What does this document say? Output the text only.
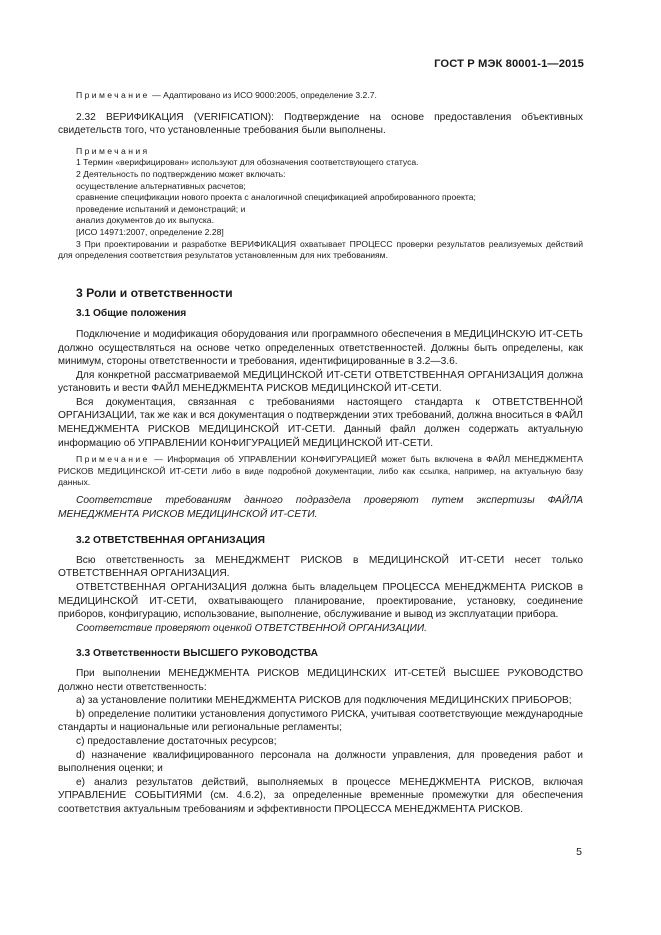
ГОСТ Р МЭК 80001-1—2015

Примечание — Адаптировано из ИСО 9000:2005, определение 3.2.7.

2.32 ВЕРИФИКАЦИЯ (VERIFICATION): Подтверждение на основе предоставления объективных свидетельств того, что установленные требования были выполнены.

Примечания

1 Термин «верифицирован» используют для обозначения соответствующего статуса.

2 Деятельность по подтверждению может включать:

осуществление альтернативных расчетов;

сравнение спецификации нового проекта с аналогичной спецификацией апробированного проекта;

проведение испытаний и демонстраций; и

анализ документов до их выпуска.

[ИСО 14971:2007, определение 2.28]

3 При проектировании и разработке ВЕРИФИКАЦИЯ охватывает ПРОЦЕСС проверки результатов реализуемых действий для определения соответствия результатов установленным для них требованиям.

3 Роли и ответственности

3.1 Общие положения

Подключение и модификация оборудования или программного обеспечения в МЕДИЦИНСКУЮ ИТ-СЕТЬ должно осуществляться на основе четко определенных ответственностей. Должны быть определены, как минимум, стороны ответственности и требования, идентифицированные в 3.2—3.6.

Для конкретной рассматриваемой МЕДИЦИНСКОЙ ИТ-СЕТИ ОТВЕТСТВЕННАЯ ОРГАНИЗАЦИЯ должна установить и вести ФАЙЛ МЕНЕДЖМЕНТА РИСКОВ МЕДИЦИНСКОЙ ИТ-СЕТИ.

Вся документация, связанная с требованиями настоящего стандарта к ОТВЕТСТВЕННОЙ ОРГАНИЗАЦИИ, так же как и вся документация о подтверждении этих требований, должна вноситься в ФАЙЛ МЕНЕДЖМЕНТА РИСКОВ МЕДИЦИНСКОЙ ИТ-СЕТИ. Данный файл должен содержать актуальную информацию об УПРАВЛЕНИИ КОНФИГУРАЦИЕЙ МЕДИЦИНСКОЙ ИТ-СЕТИ.

Примечание — Информация об УПРАВЛЕНИИ КОНФИГУРАЦИЕЙ может быть включена в ФАЙЛ МЕНЕДЖМЕНТА РИСКОВ МЕДИЦИНСКОЙ ИТ-СЕТИ либо в виде подробной документации, либо как ссылка, например, на актуальную базу данных.

Соответствие требованиям данного подраздела проверяют путем экспертизы ФАЙЛА МЕНЕДЖМЕНТА РИСКОВ МЕДИЦИНСКОЙ ИТ-СЕТИ.

3.2 ОТВЕТСТВЕННАЯ ОРГАНИЗАЦИЯ

Всю ответственность за МЕНЕДЖМЕНТ РИСКОВ в МЕДИЦИНСКОЙ ИТ-СЕТИ несет только ОТВЕТСТВЕННАЯ ОРГАНИЗАЦИЯ.

ОТВЕТСТВЕННАЯ ОРГАНИЗАЦИЯ должна быть владельцем ПРОЦЕССА МЕНЕДЖМЕНТА РИСКОВ в МЕДИЦИНСКОЙ ИТ-СЕТИ, охватывающего планирование, проектирование, установку, соединение приборов, конфигурацию, использование, выполнение, обслуживание и вывод из эксплуатации прибора.

Соответствие проверяют оценкой ОТВЕТСТВЕННОЙ ОРГАНИЗАЦИИ.

3.3 Ответственности ВЫСШЕГО РУКОВОДСТВА

При выполнении МЕНЕДЖМЕНТА РИСКОВ МЕДИЦИНСКИХ ИТ-СЕТЕЙ ВЫСШЕЕ РУКОВОДСТВО должно нести ответственность:

a) за установление политики МЕНЕДЖМЕНТА РИСКОВ для подключения МЕДИЦИНСКИХ ПРИБОРОВ;

b) определение политики установления допустимого РИСКА, учитывая соответствующие международные стандарты и национальные или региональные регламенты;

c) предоставление достаточных ресурсов;

d) назначение квалифицированного персонала на должности управления, для проведения работ и выполнения оценки; и

e) анализ результатов действий, выполняемых в процессе МЕНЕДЖМЕНТА РИСКОВ, включая УПРАВЛЕНИЕ СОБЫТИЯМИ (см. 4.6.2), за определенные временные промежутки для обеспечения соответствия актуальным требованиям и эффективности ПРОЦЕССА МЕНЕДЖМЕНТА РИСКОВ.

5
